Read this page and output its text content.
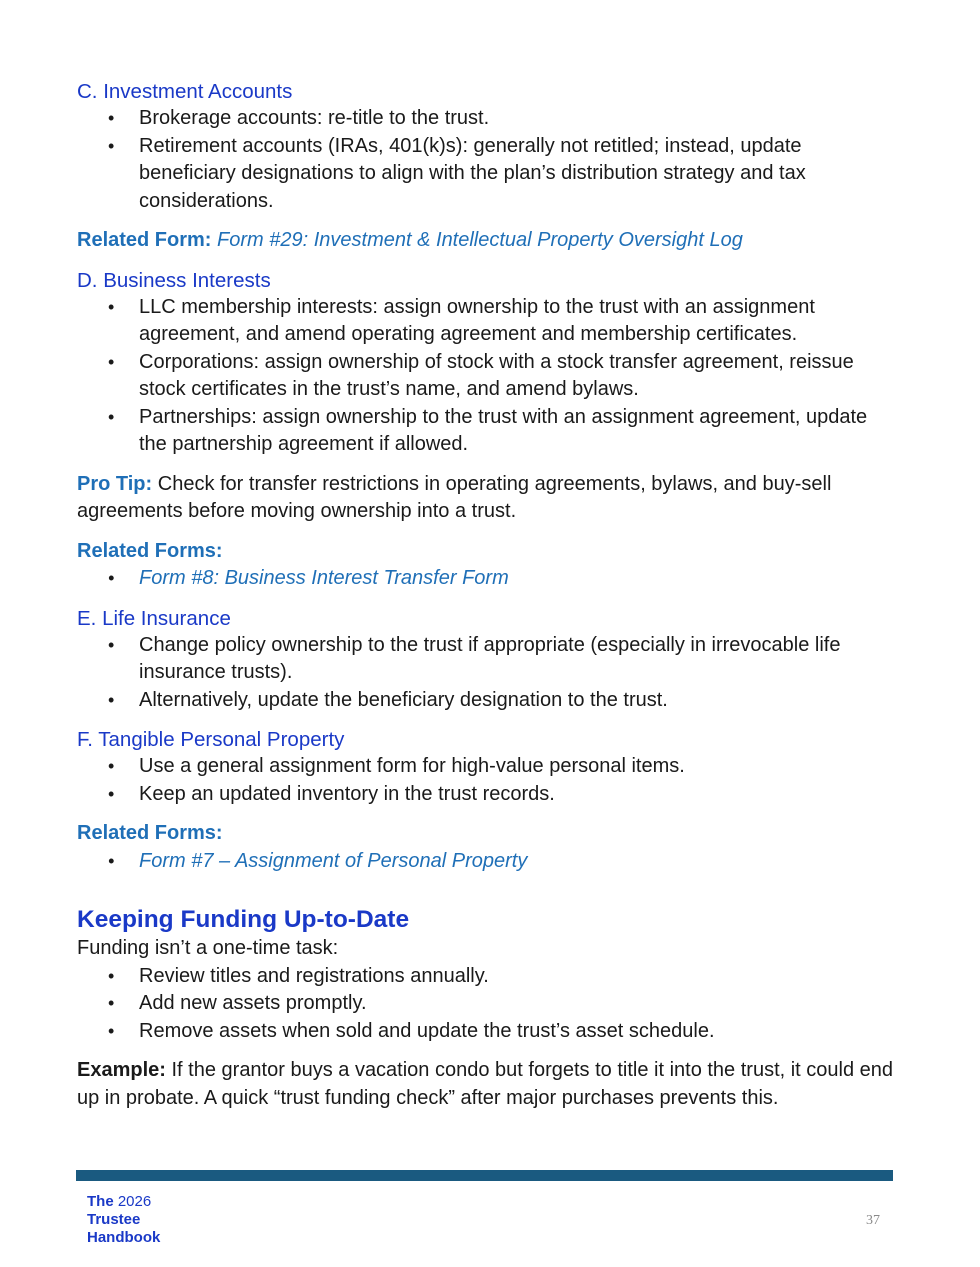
C. Investment Accounts

• Brokerage accounts: re-title to the trust.
• Retirement accounts (IRAs, 401(k)s): generally not retitled; instead, update beneficiary designations to align with the plan’s distribution strategy and tax considerations.

Related Form: Form #29: Investment & Intellectual Property Oversight Log

D. Business Interests

• LLC membership interests: assign ownership to the trust with an assignment agreement, and amend operating agreement and membership certificates.
• Corporations: assign ownership of stock with a stock transfer agreement, reissue stock certificates in the trust’s name, and amend bylaws.
• Partnerships: assign ownership to the trust with an assignment agreement, update the partnership agreement if allowed.

Pro Tip: Check for transfer restrictions in operating agreements, bylaws, and buy-sell agreements before moving ownership into a trust.

Related Forms:

• Form #8: Business Interest Transfer Form

E. Life Insurance

• Change policy ownership to the trust if appropriate (especially in irrevocable life insurance trusts).
• Alternatively, update the beneficiary designation to the trust.

F. Tangible Personal Property

• Use a general assignment form for high-value personal items.
• Keep an updated inventory in the trust records.

Related Forms:

• Form #7 – Assignment of Personal Property

Keeping Funding Up-to-Date

Funding isn’t a one-time task:

• Review titles and registrations annually.
• Add new assets promptly.
• Remove assets when sold and update the trust’s asset schedule.

Example: If the grantor buys a vacation condo but forgets to title it into the trust, it could end up in probate. A quick “trust funding check” after major purchases prevents this.

The 2026
Trustee
Handbook
37
